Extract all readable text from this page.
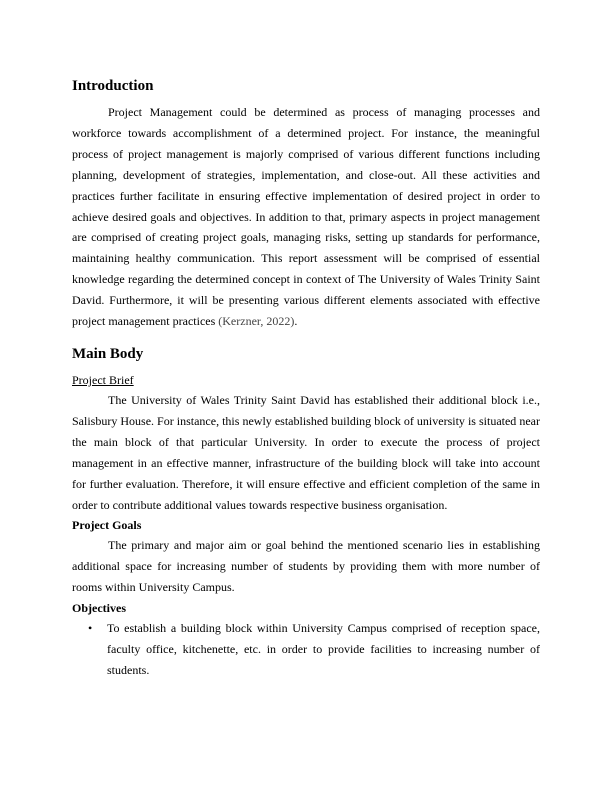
Introduction

Project Management could be determined as process of managing processes and workforce towards accomplishment of a determined project. For instance, the meaningful process of project management is majorly comprised of various different functions including planning, development of strategies, implementation, and close-out. All these activities and practices further facilitate in ensuring effective implementation of desired project in order to achieve desired goals and objectives. In addition to that, primary aspects in project management are comprised of creating project goals, managing risks, setting up standards for performance, maintaining healthy communication. This report assessment will be comprised of essential knowledge regarding the determined concept in context of The University of Wales Trinity Saint David. Furthermore, it will be presenting various different elements associated with effective project management practices (Kerzner, 2022).

Main Body
Project Brief

The University of Wales Trinity Saint David has established their additional block i.e., Salisbury House. For instance, this newly established building block of university is situated near the main block of that particular University. In order to execute the process of project management in an effective manner, infrastructure of the building block will take into account for further evaluation. Therefore, it will ensure effective and efficient completion of the same in order to contribute additional values towards respective business organisation.

Project Goals

The primary and major aim or goal behind the mentioned scenario lies in establishing additional space for increasing number of students by providing them with more number of rooms within University Campus.

Objectives
• To establish a building block within University Campus comprised of reception space, faculty office, kitchenette, etc. in order to provide facilities to increasing number of students.
